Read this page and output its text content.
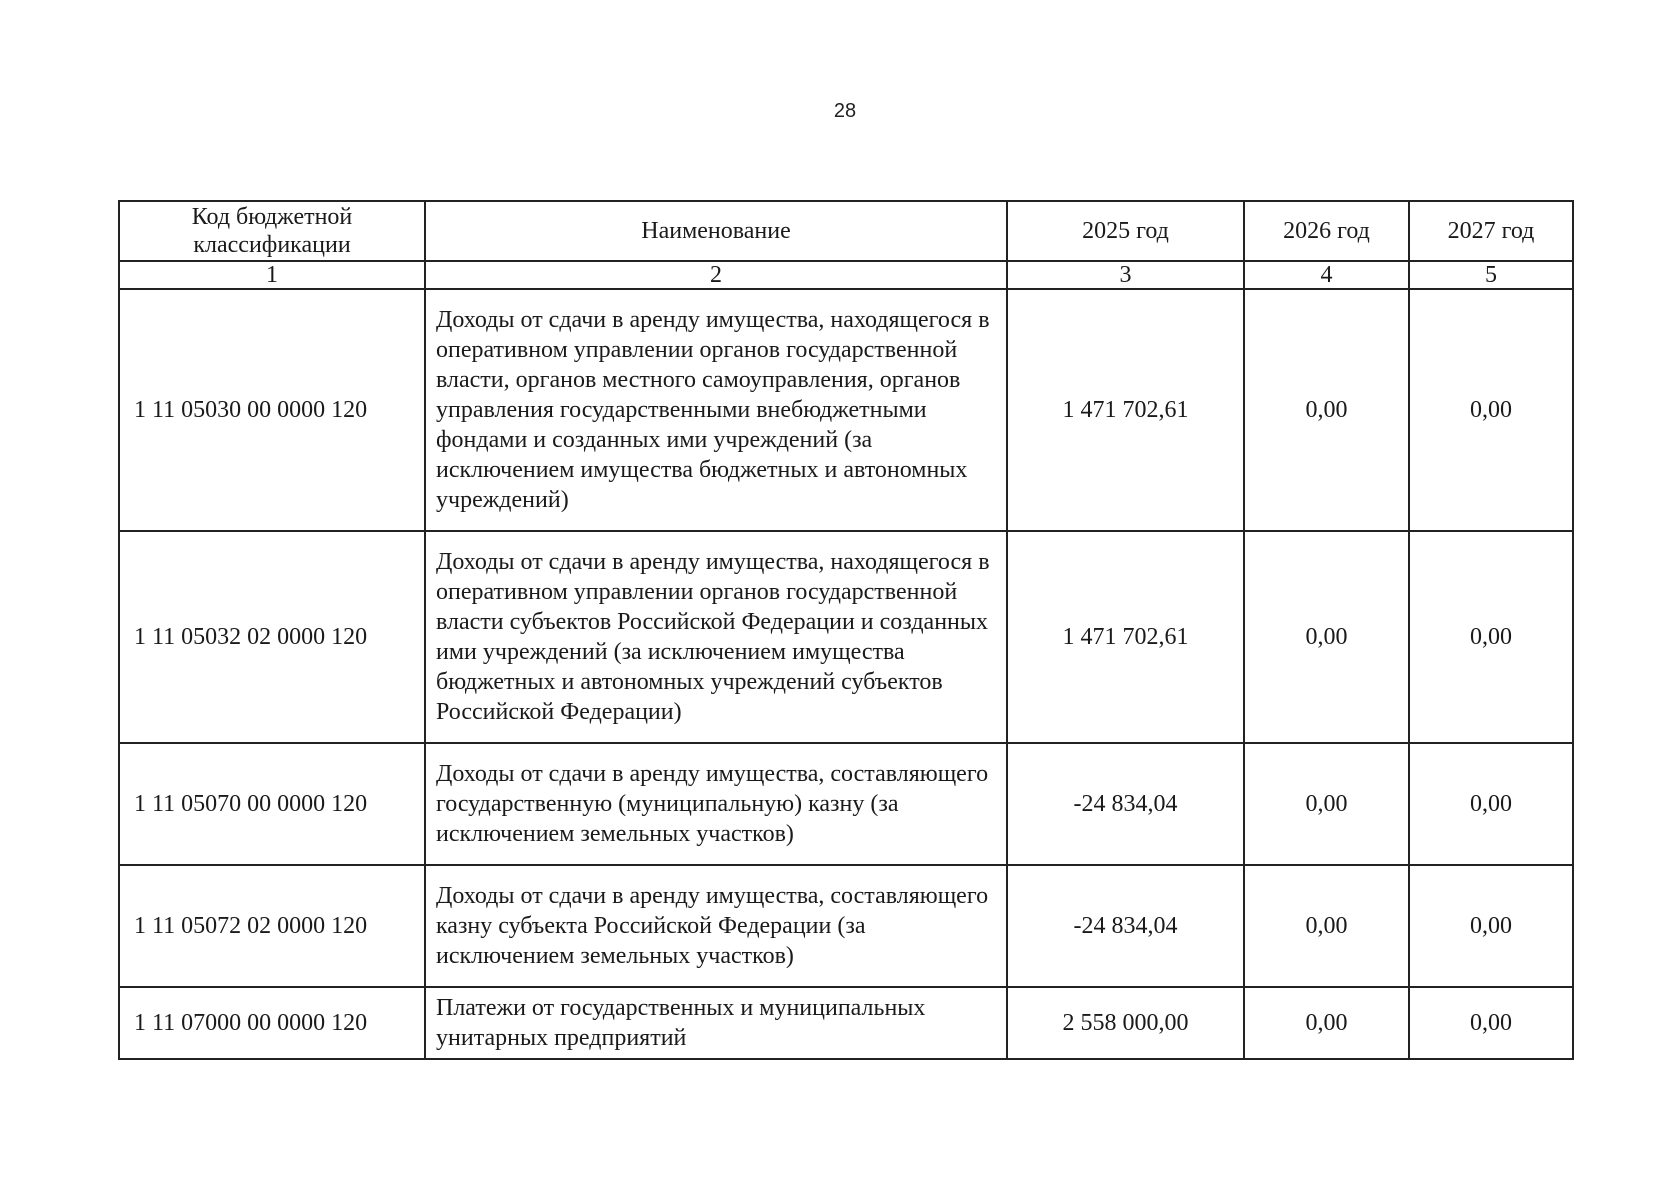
28
Код бюджетной классификации	Наименование	2025 год	2026 год	2027 год
1	2	3	4	5
1 11 05030 00 0000 120	Доходы от сдачи в аренду имущества, находящегося в оперативном управлении органов государственной власти, органов местного самоуправления, органов управления государственными внебюджетными фондами и созданных ими учреждений (за исключением имущества бюджетных и автономных учреждений)	1 471 702,61	0,00	0,00
1 11 05032 02 0000 120	Доходы от сдачи в аренду имущества, находящегося в оперативном управлении органов государственной власти субъектов Российской Федерации и созданных ими учреждений (за исключением имущества бюджетных и автономных учреждений субъектов Российской Федерации)	1 471 702,61	0,00	0,00
1 11 05070 00 0000 120	Доходы от сдачи в аренду имущества, составляющего государственную (муниципальную) казну (за исключением земельных участков)	-24 834,04	0,00	0,00
1 11 05072 02 0000 120	Доходы от сдачи в аренду имущества, составляющего казну субъекта Российской Федерации (за исключением земельных участков)	-24 834,04	0,00	0,00
1 11 07000 00 0000 120	Платежи от государственных и муниципальных унитарных предприятий	2 558 000,00	0,00	0,00
